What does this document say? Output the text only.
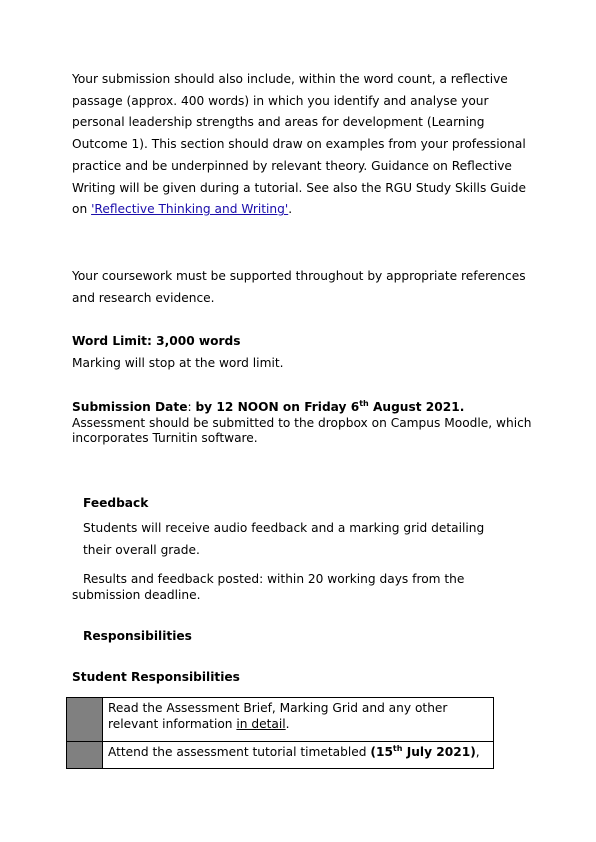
Your submission should also include, within the word count, a reflective passage (approx. 400 words) in which you identify and analyse your personal leadership strengths and areas for development (Learning Outcome 1). This section should draw on examples from your professional practice and be underpinned by relevant theory. Guidance on Reflective Writing will be given during a tutorial. See also the RGU Study Skills Guide on 'Reflective Thinking and Writing'.

Your coursework must be supported throughout by appropriate references and research evidence.

Word Limit: 3,000 words

Marking will stop at the word limit.

Submission Date: by 12 NOON on Friday 6th August 2021.
Assessment should be submitted to the dropbox on Campus Moodle, which incorporates Turnitin software.

Feedback

Students will receive audio feedback and a marking grid detailing their overall grade.

Results and feedback posted: within 20 working days from the submission deadline.

Responsibilities

Student Responsibilities

	Read the Assessment Brief, Marking Grid and any other relevant information in detail.
	Attend the assessment tutorial timetabled (15th July 2021),
